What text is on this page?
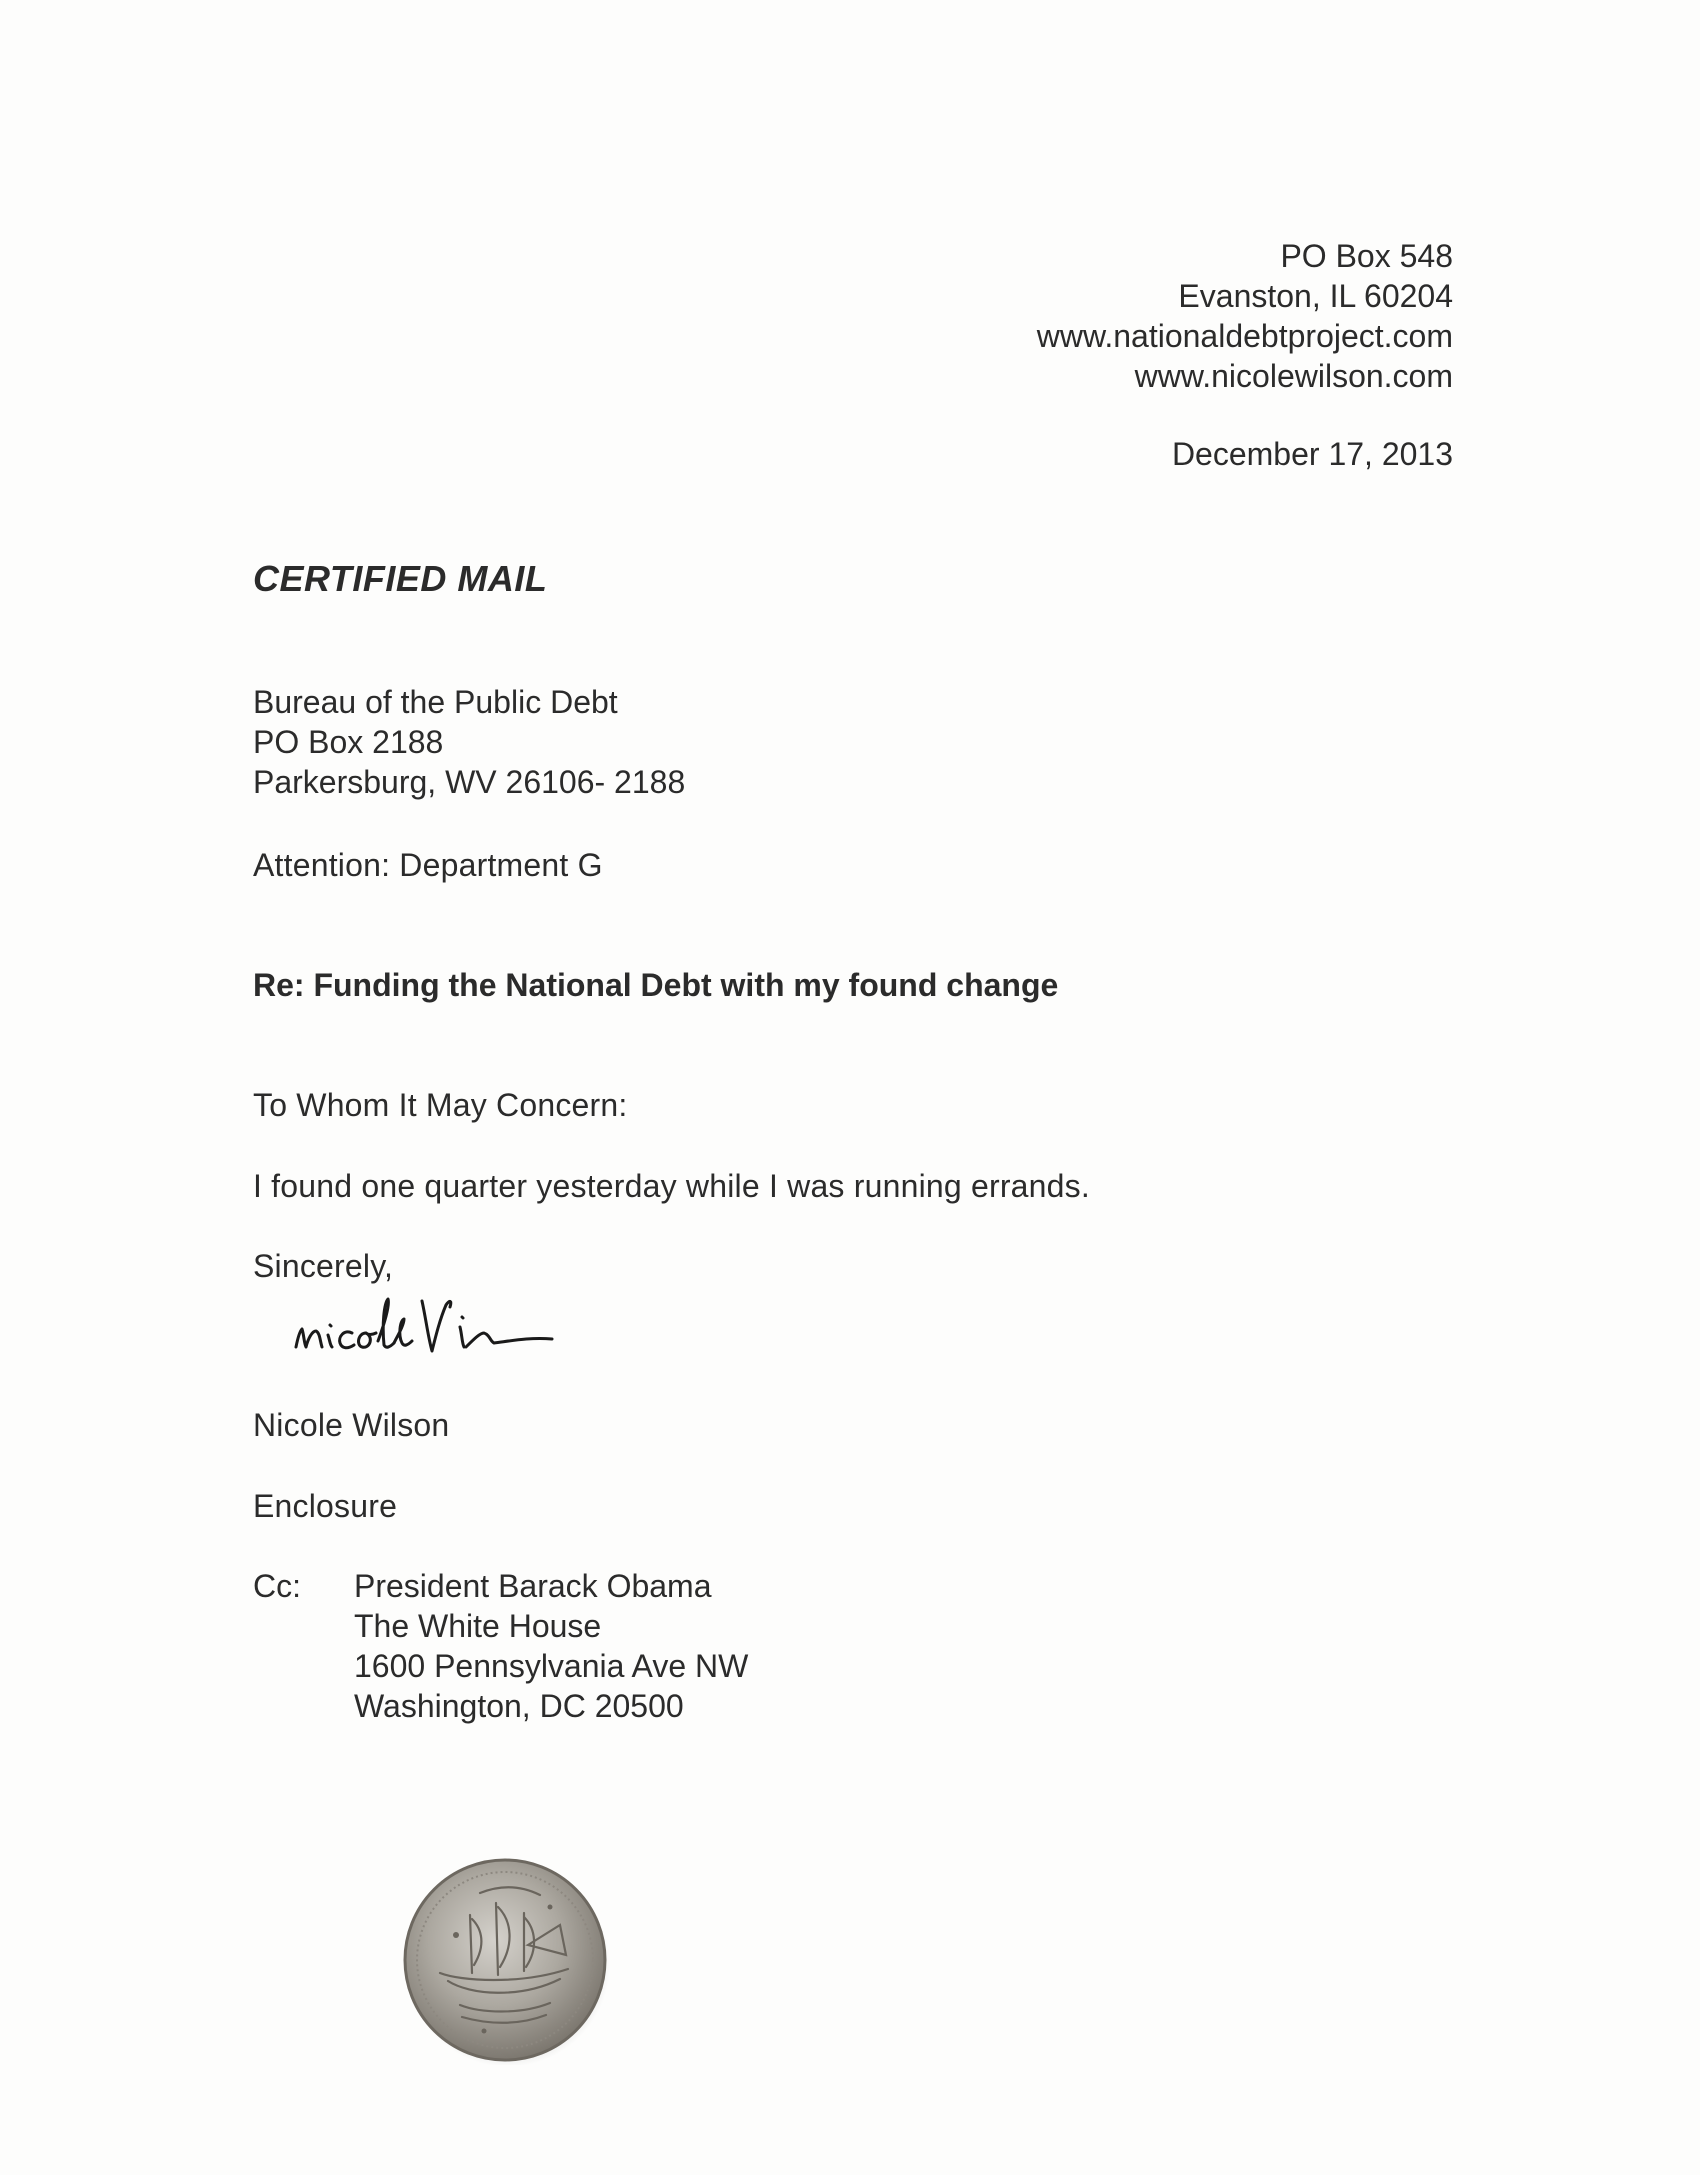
PO Box 548
Evanston, IL 60204
www.nationaldebtproject.com
www.nicolewilson.com
December 17, 2013
CERTIFIED MAIL
Bureau of the Public Debt
PO Box 2188
Parkersburg, WV 26106- 2188
Attention: Department G
Re: Funding the National Debt with my found change
To Whom It May Concern:
I found one quarter yesterday while I was running errands.
Sincerely,
Nicole Wilson
Enclosure
Cc: President Barack Obama
The White House
1600 Pennsylvania Ave NW
Washington, DC 20500
